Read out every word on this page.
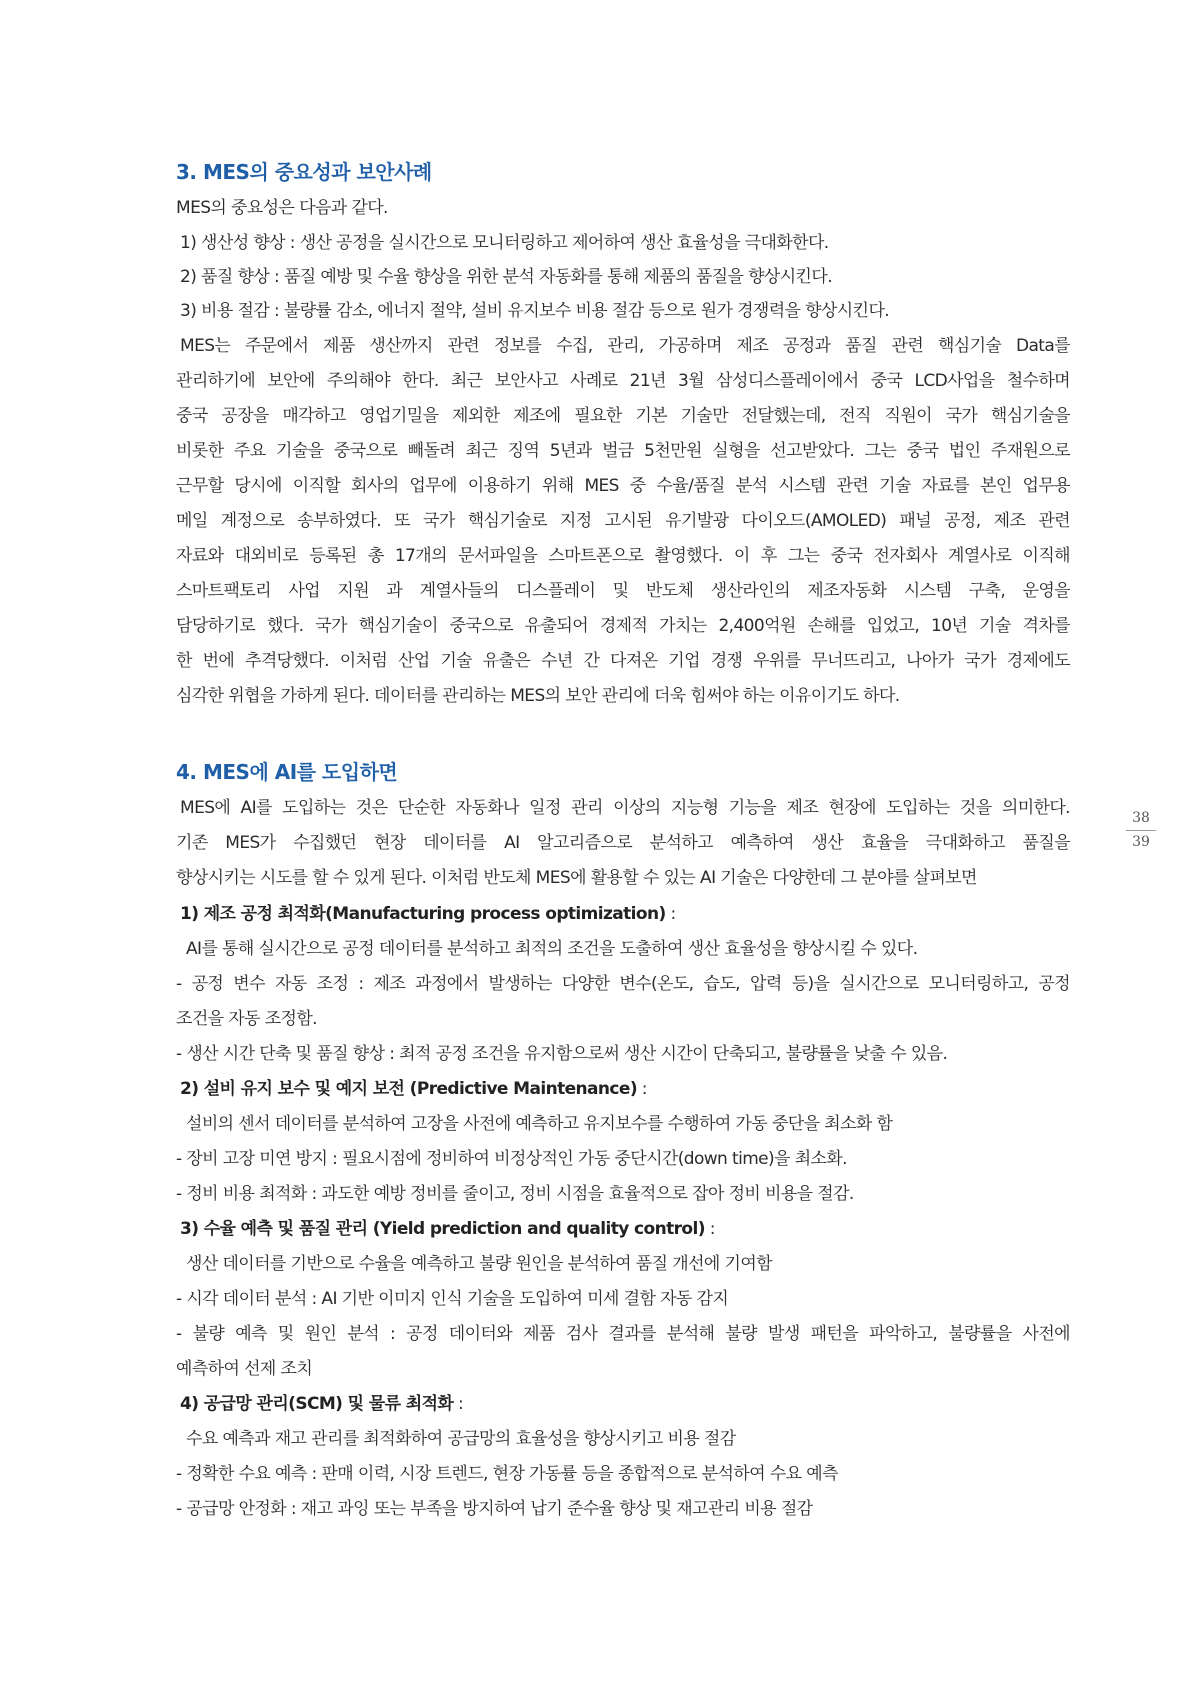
3. MES의 중요성과 보안사례
MES의 중요성은 다음과 같다.
1) 생산성 향상 : 생산 공정을 실시간으로 모니터링하고 제어하여 생산 효율성을 극대화한다.
2) 품질 향상 : 품질 예방 및 수율 향상을 위한 분석 자동화를 통해 제품의 품질을 향상시킨다.
3) 비용 절감 : 불량률 감소, 에너지 절약, 설비 유지보수 비용 절감 등으로 원가 경쟁력을 향상시킨다.
MES는 주문에서 제품 생산까지 관련 정보를 수집, 관리, 가공하며 제조 공정과 품질 관련 핵심기술 Data를
관리하기에 보안에 주의해야 한다. 최근 보안사고 사례로 21년 3월 삼성디스플레이에서 중국 LCD사업을 철수하며
중국 공장을 매각하고 영업기밀을 제외한 제조에 필요한 기본 기술만 전달했는데, 전직 직원이 국가 핵심기술을
비롯한 주요 기술을 중국으로 빼돌려 최근 징역 5년과 벌금 5천만원 실형을 선고받았다. 그는 중국 법인 주재원으로
근무할 당시에 이직할 회사의 업무에 이용하기 위해 MES 중 수율/품질 분석 시스템 관련 기술 자료를 본인 업무용
메일 계정으로 송부하였다. 또 국가 핵심기술로 지정 고시된 유기발광 다이오드(AMOLED) 패널 공정, 제조 관련
자료와 대외비로 등록된 총 17개의 문서파일을 스마트폰으로 촬영했다. 이 후 그는 중국 전자회사 계열사로 이직해
스마트팩토리 사업 지원 과 계열사들의 디스플레이 및 반도체 생산라인의 제조자동화 시스템 구축, 운영을
담당하기로 했다. 국가 핵심기술이 중국으로 유출되어 경제적 가치는 2,400억원 손해를 입었고, 10년 기술 격차를
한 번에 추격당했다. 이처럼 산업 기술 유출은 수년 간 다져온 기업 경쟁 우위를 무너뜨리고, 나아가 국가 경제에도
심각한 위협을 가하게 된다. 데이터를 관리하는 MES의 보안 관리에 더욱 힘써야 하는 이유이기도 하다.
4. MES에 AI를 도입하면
MES에 AI를 도입하는 것은 단순한 자동화나 일정 관리 이상의 지능형 기능을 제조 현장에 도입하는 것을 의미한다.
기존 MES가 수집했던 현장 데이터를 AI 알고리즘으로 분석하고 예측하여 생산 효율을 극대화하고 품질을
향상시키는 시도를 할 수 있게 된다. 이처럼 반도체 MES에 활용할 수 있는 AI 기술은 다양한데 그 분야를 살펴보면
1) 제조 공정 최적화(Manufacturing process optimization) :
AI를 통해 실시간으로 공정 데이터를 분석하고 최적의 조건을 도출하여 생산 효율성을 향상시킬 수 있다.
- 공정 변수 자동 조정 : 제조 과정에서 발생하는 다양한 변수(온도, 습도, 압력 등)을 실시간으로 모니터링하고, 공정
조건을 자동 조정함.
- 생산 시간 단축 및 품질 향상 : 최적 공정 조건을 유지함으로써 생산 시간이 단축되고, 불량률을 낮출 수 있음.
2) 설비 유지 보수 및 예지 보전 (Predictive Maintenance) :
설비의 센서 데이터를 분석하여 고장을 사전에 예측하고 유지보수를 수행하여 가동 중단을 최소화 함
- 장비 고장 미연 방지 : 필요시점에 정비하여 비정상적인 가동 중단시간(down time)을 최소화.
- 정비 비용 최적화 : 과도한 예방 정비를 줄이고, 정비 시점을 효율적으로 잡아 정비 비용을 절감.
3) 수율 예측 및 품질 관리 (Yield prediction and quality control) :
생산 데이터를 기반으로 수율을 예측하고 불량 원인을 분석하여 품질 개선에 기여함
- 시각 데이터 분석 : AI 기반 이미지 인식 기술을 도입하여 미세 결함 자동 감지
- 불량 예측 및 원인 분석 : 공정 데이터와 제품 검사 결과를 분석해 불량 발생 패턴을 파악하고, 불량률을 사전에
예측하여 선제 조치
4) 공급망 관리(SCM) 및 물류 최적화 :
수요 예측과 재고 관리를 최적화하여 공급망의 효율성을 향상시키고 비용 절감
- 정확한 수요 예측 : 판매 이력, 시장 트렌드, 현장 가동률 등을 종합적으로 분석하여 수요 예측
- 공급망 안정화 : 재고 과잉 또는 부족을 방지하여 납기 준수율 향상 및 재고관리 비용 절감
38
39
